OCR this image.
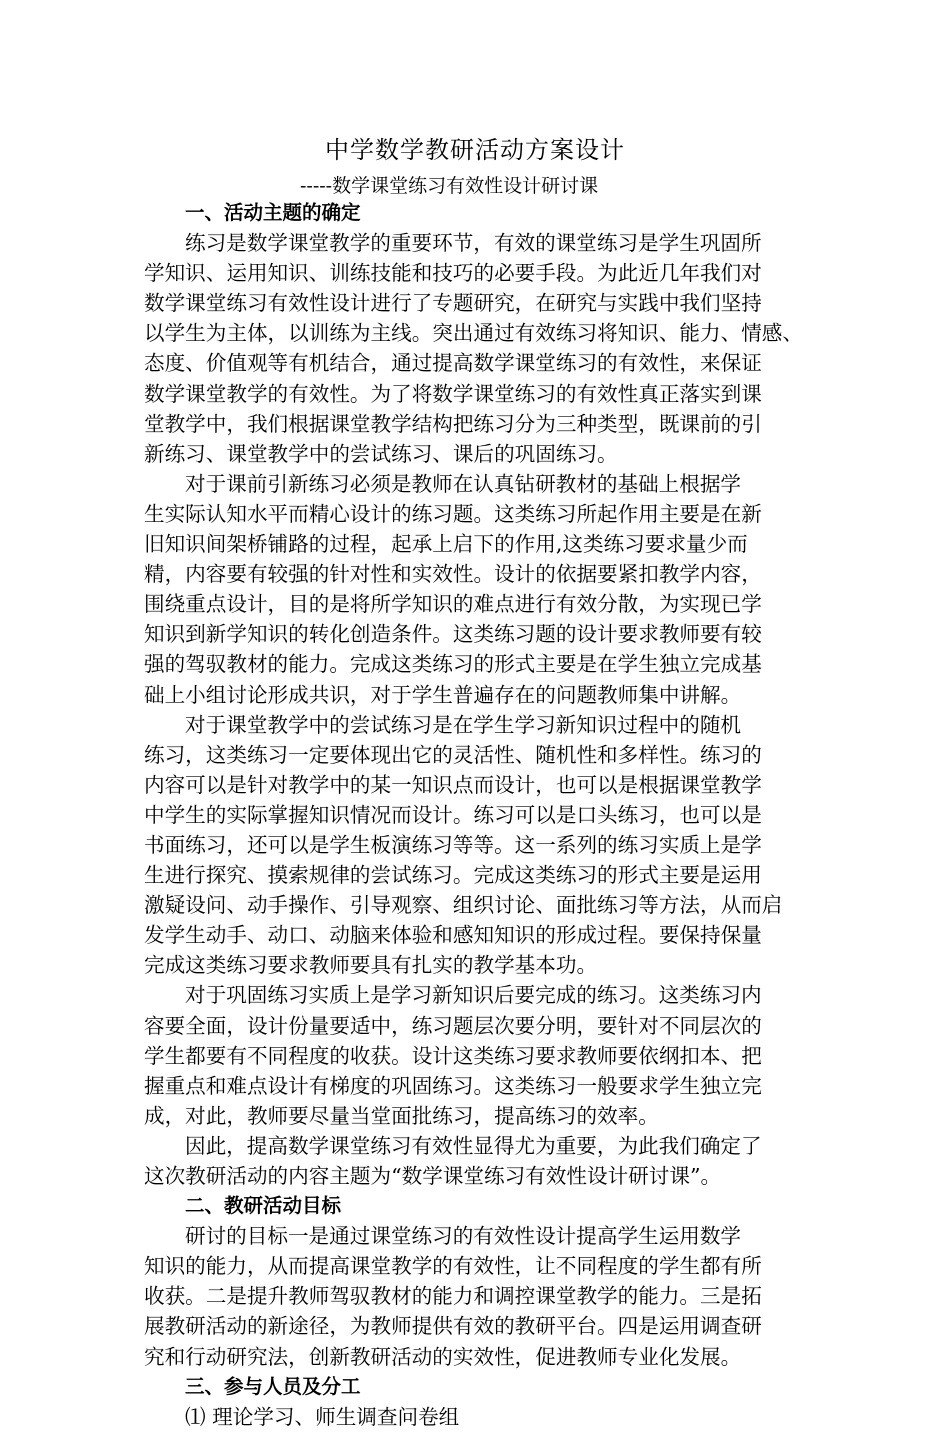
中学数学教研活动方案设计
-----数学课堂练习有效性设计研讨课
一、活动主题的确定
练习是数学课堂教学的重要环节，有效的课堂练习是学生巩固所
学知识、运用知识、训练技能和技巧的必要手段。为此近几年我们对
数学课堂练习有效性设计进行了专题研究，在研究与实践中我们坚持
以学生为主体，以训练为主线。突出通过有效练习将知识、能力、情感、
态度、价值观等有机结合，通过提高数学课堂练习的有效性，来保证
数学课堂教学的有效性。为了将数学课堂练习的有效性真正落实到课
堂教学中，我们根据课堂教学结构把练习分为三种类型，既课前的引
新练习、课堂教学中的尝试练习、课后的巩固练习。
对于课前引新练习必须是教师在认真钻研教材的基础上根据学
生实际认知水平而精心设计的练习题。这类练习所起作用主要是在新
旧知识间架桥铺路的过程，起承上启下的作用,这类练习要求量少而
精，内容要有较强的针对性和实效性。设计的依据要紧扣教学内容，
围绕重点设计，目的是将所学知识的难点进行有效分散，为实现已学
知识到新学知识的转化创造条件。这类练习题的设计要求教师要有较
强的驾驭教材的能力。完成这类练习的形式主要是在学生独立完成基
础上小组讨论形成共识，对于学生普遍存在的问题教师集中讲解。
对于课堂教学中的尝试练习是在学生学习新知识过程中的随机
练习，这类练习一定要体现出它的灵活性、随机性和多样性。练习的
内容可以是针对教学中的某一知识点而设计，也可以是根据课堂教学
中学生的实际掌握知识情况而设计。练习可以是口头练习，也可以是
书面练习，还可以是学生板演练习等等。这一系列的练习实质上是学
生进行探究、摸索规律的尝试练习。完成这类练习的形式主要是运用
激疑设问、动手操作、引导观察、组织讨论、面批练习等方法，从而启
发学生动手、动口、动脑来体验和感知知识的形成过程。要保持保量
完成这类练习要求教师要具有扎实的教学基本功。
对于巩固练习实质上是学习新知识后要完成的练习。这类练习内
容要全面，设计份量要适中，练习题层次要分明，要针对不同层次的
学生都要有不同程度的收获。设计这类练习要求教师要依纲扣本、把
握重点和难点设计有梯度的巩固练习。这类练习一般要求学生独立完
成，对此，教师要尽量当堂面批练习，提高练习的效率。
因此，提高数学课堂练习有效性显得尤为重要，为此我们确定了
这次教研活动的内容主题为“数学课堂练习有效性设计研讨课”。
二、教研活动目标
研讨的目标一是通过课堂练习的有效性设计提高学生运用数学
知识的能力，从而提高课堂教学的有效性，让不同程度的学生都有所
收获。二是提升教师驾驭教材的能力和调控课堂教学的能力。三是拓
展教研活动的新途径，为教师提供有效的教研平台。四是运用调查研
究和行动研究法，创新教研活动的实效性，促进教师专业化发展。
三、参与人员及分工
⑴ 理论学习、师生调查问卷组
